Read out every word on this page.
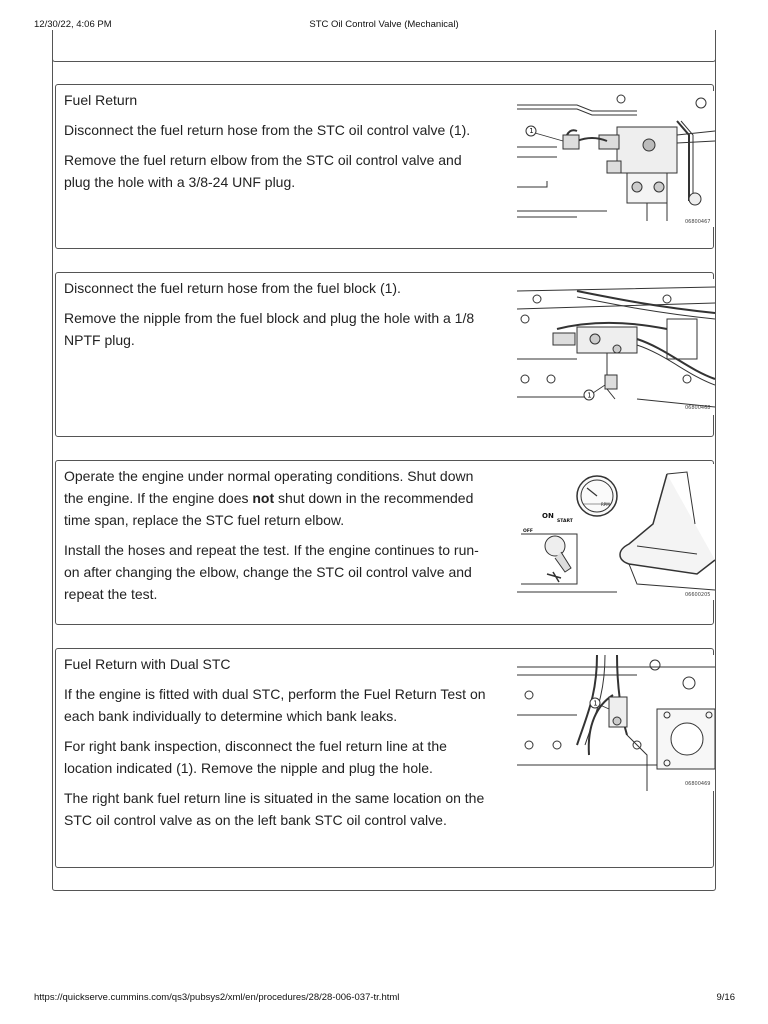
12/30/22, 4:06 PM	STC Oil Control Valve (Mechanical)

Fuel Return

Disconnect the fuel return hose from the STC oil control valve (1).

Remove the fuel return elbow from the STC oil control valve and plug the hole with a 3/8-24 UNF plug.

1
06800467

Disconnect the fuel return hose from the fuel block (1).

Remove the nipple from the fuel block and plug the hole with a 1/8 NPTF plug.

1
06800468

Operate the engine under normal operating conditions. Shut down the engine. If the engine does not shut down in the recommended time span, replace the STC fuel return elbow.

Install the hoses and repeat the test. If the engine continues to run-on after changing the elbow, change the STC oil control valve and repeat the test.

ON
OFF
START
RPM
06600205

Fuel Return with Dual STC

If the engine is fitted with dual STC, perform the Fuel Return Test on each bank individually to determine which bank leaks.

For right bank inspection, disconnect the fuel return line at the location indicated (1). Remove the nipple and plug the hole.

The right bank fuel return line is situated in the same location on the STC oil control valve as on the left bank STC oil control valve.

1
06800469
https://quickserve.cummins.com/qs3/pubsys2/xml/en/procedures/28/28-006-037-tr.html	9/16
